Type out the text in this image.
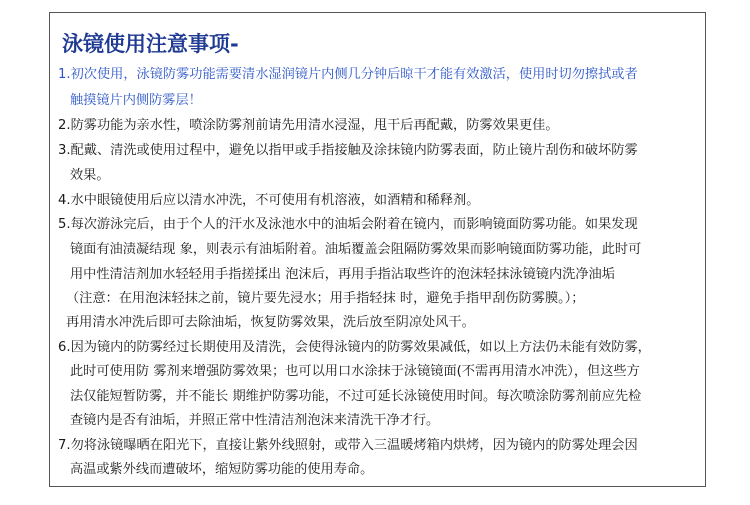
泳镜使用注意事项-
1.初次使用，泳镜防雾功能需要清水湿润镜片内侧几分钟后晾干才能有效激活，使用时切勿擦拭或者
触摸镜片内侧防雾层！
2.防雾功能为亲水性，喷涂防雾剂前请先用清水浸湿，甩干后再配戴，防雾效果更佳。
3.配戴、清洗或使用过程中，避免以指甲或手指接触及涂抹镜内防雾表面，防止镜片刮伤和破坏防雾
效果。
4.水中眼镜使用后应以清水冲洗，不可使用有机溶液，如酒精和稀释剂。
5.每次游泳完后，由于个人的汗水及泳池水中的油垢会附着在镜内，而影响镜面防雾功能。如果发现
镜面有油渍凝结现 象，则表示有油垢附着。油垢覆盖会阻隔防雾效果而影响镜面防雾功能，此时可
用中性清洁剂加水轻轻用手指搓揉出 泡沫后，再用手指沾取些许的泡沫轻抹泳镜镜内洗净油垢
（注意：在用泡沫轻抹之前，镜片要先浸水；用手指轻抹 时，避免手指甲刮伤防雾膜。）；
再用清水冲洗后即可去除油垢，恢复防雾效果，洗后放至阴凉处风干。
6.因为镜内的防雾经过长期使用及清洗，会使得泳镜内的防雾效果减低，如以上方法仍未能有效防雾，
此时可使用防 雾剂来增强防雾效果；也可以用口水涂抹于泳镜镜面(不需再用清水冲洗），但这些方
法仅能短暂防雾，并不能长 期维护防雾功能，不过可延长泳镜使用时间。每次喷涂防雾剂前应先检
查镜内是否有油垢，并照正常中性清洁剂泡沫来清洗干净才行。
7.勿将泳镜曝晒在阳光下，直接让紫外线照射，或带入三温暖烤箱内烘烤，因为镜内的防雾处理会因
高温或紫外线而遭破坏，缩短防雾功能的使用寿命。
